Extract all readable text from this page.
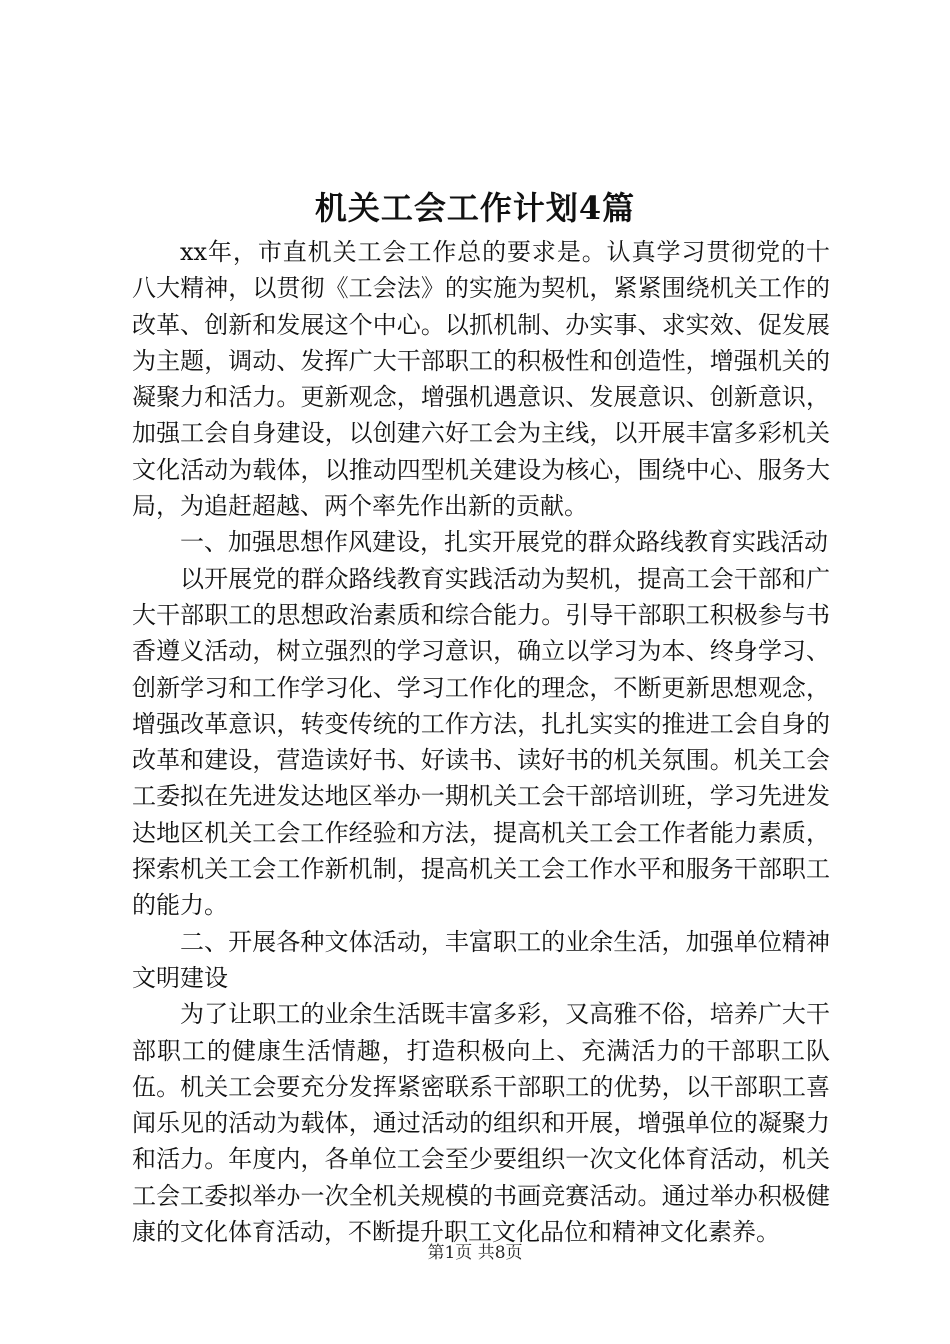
机关工会工作计划4篇

xx年，市直机关工会工作总的要求是。认真学习贯彻党的十八大精神，以贯彻《工会法》的实施为契机，紧紧围绕机关工作的改革、创新和发展这个中心。以抓机制、办实事、求实效、促发展为主题，调动、发挥广大干部职工的积极性和创造性，增强机关的凝聚力和活力。更新观念，增强机遇意识、发展意识、创新意识，加强工会自身建设，以创建六好工会为主线，以开展丰富多彩机关文化活动为载体，以推动四型机关建设为核心，围绕中心、服务大局，为追赶超越、两个率先作出新的贡献。

一、加强思想作风建设，扎实开展党的群众路线教育实践活动

以开展党的群众路线教育实践活动为契机，提高工会干部和广大干部职工的思想政治素质和综合能力。引导干部职工积极参与书香遵义活动，树立强烈的学习意识，确立以学习为本、终身学习、创新学习和工作学习化、学习工作化的理念，不断更新思想观念，增强改革意识，转变传统的工作方法，扎扎实实的推进工会自身的改革和建设，营造读好书、好读书、读好书的机关氛围。机关工会工委拟在先进发达地区举办一期机关工会干部培训班，学习先进发达地区机关工会工作经验和方法，提高机关工会工作者能力素质，探索机关工会工作新机制，提高机关工会工作水平和服务干部职工的能力。

二、开展各种文体活动，丰富职工的业余生活，加强单位精神文明建设

为了让职工的业余生活既丰富多彩，又高雅不俗，培养广大干部职工的健康生活情趣，打造积极向上、充满活力的干部职工队伍。机关工会要充分发挥紧密联系干部职工的优势，以干部职工喜闻乐见的活动为载体，通过活动的组织和开展，增强单位的凝聚力和活力。年度内，各单位工会至少要组织一次文化体育活动，机关工会工委拟举办一次全机关规模的书画竞赛活动。通过举办积极健康的文化体育活动，不断提升职工文化品位和精神文化素养。

第1页 共8页
